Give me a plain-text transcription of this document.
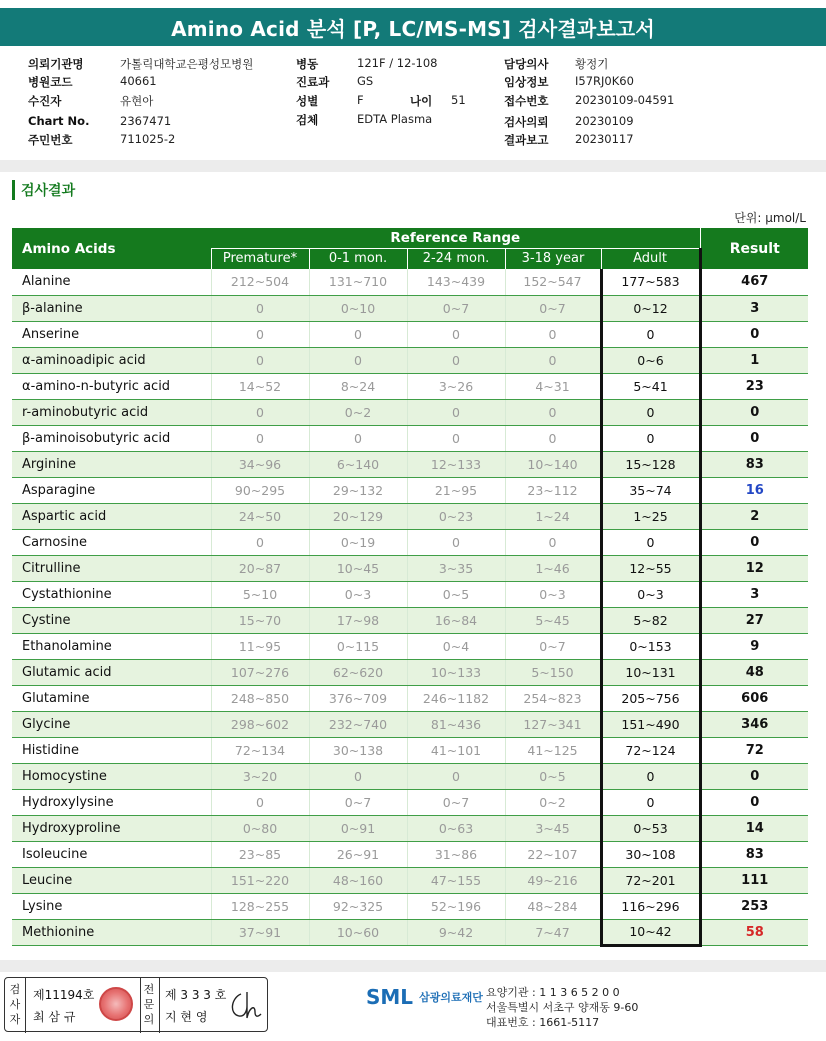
Amino Acid 분석 [P, LC/MS-MS] 검사결과보고서
의뢰기관명	가톨릭대학교은평성모병원
병원코드	40661
수진자	유현아
Chart No.	2367471
주민번호	711025-2
병동	121F / 12-108
진료과 GS
성별	F
검체	EDTA Plasma
나이 51
담당의사 황정기
임상정보 I57RJ0K60
접수번호 20230109-04591
검사의뢰 20230109
결과보고 20230117
검사결과
단위: μmol/L
Amino Acids	Reference Range					Result
	Premature*	0-1 mon.	2-24 mon.	3-18 year	Adult	
Alanine	212~504	131~710	143~439	152~547	177~583	467
β-alanine	0	0~10	0~7	0~7	0~12	3
Anserine	0	0	0	0	0	0
α-aminoadipic acid	0	0	0	0	0~6	1
α-amino-n-butyric acid	14~52	8~24	3~26	4~31	5~41	23
r-aminobutyric acid	0	0~2	0	0	0	0
β-aminoisobutyric acid	0	0	0	0	0	0
Arginine	34~96	6~140	12~133	10~140	15~128	83
Asparagine	90~295	29~132	21~95	23~112	35~74	16
Aspartic acid	24~50	20~129	0~23	1~24	1~25	2
Carnosine	0	0~19	0	0	0	0
Citrulline	20~87	10~45	3~35	1~46	12~55	12
Cystathionine	5~10	0~3	0~5	0~3	0~3	3
Cystine	15~70	17~98	16~84	5~45	5~82	27
Ethanolamine	11~95	0~115	0~4	0~7	0~153	9
Glutamic acid	107~276	62~620	10~133	5~150	10~131	48
Glutamine	248~850	376~709	246~1182	254~823	205~756	606
Glycine	298~602	232~740	81~436	127~341	151~490	346
Histidine	72~134	30~138	41~101	41~125	72~124	72
Homocystine	3~20	0	0	0~5	0	0
Hydroxylysine	0	0~7	0~7	0~2	0	0
Hydroxyproline	0~80	0~91	0~63	3~45	0~53	14
Isoleucine	23~85	26~91	31~86	22~107	30~108	83
Leucine	151~220	48~160	47~155	49~216	72~201	111
Lysine	128~255	92~325	52~196	48~284	116~296	253
Methionine	37~91	10~60	9~42	7~47	10~42	58
검
사
자
제11194호
최 삼 규
전
문
의
제 3 3 3 호
지 현 영
SML 삼광의료재단 요양기관 : 1 1 3 6 5 2 0 0
서울특별시 서초구 양재동 9-60
대표번호 : 1661-5117
